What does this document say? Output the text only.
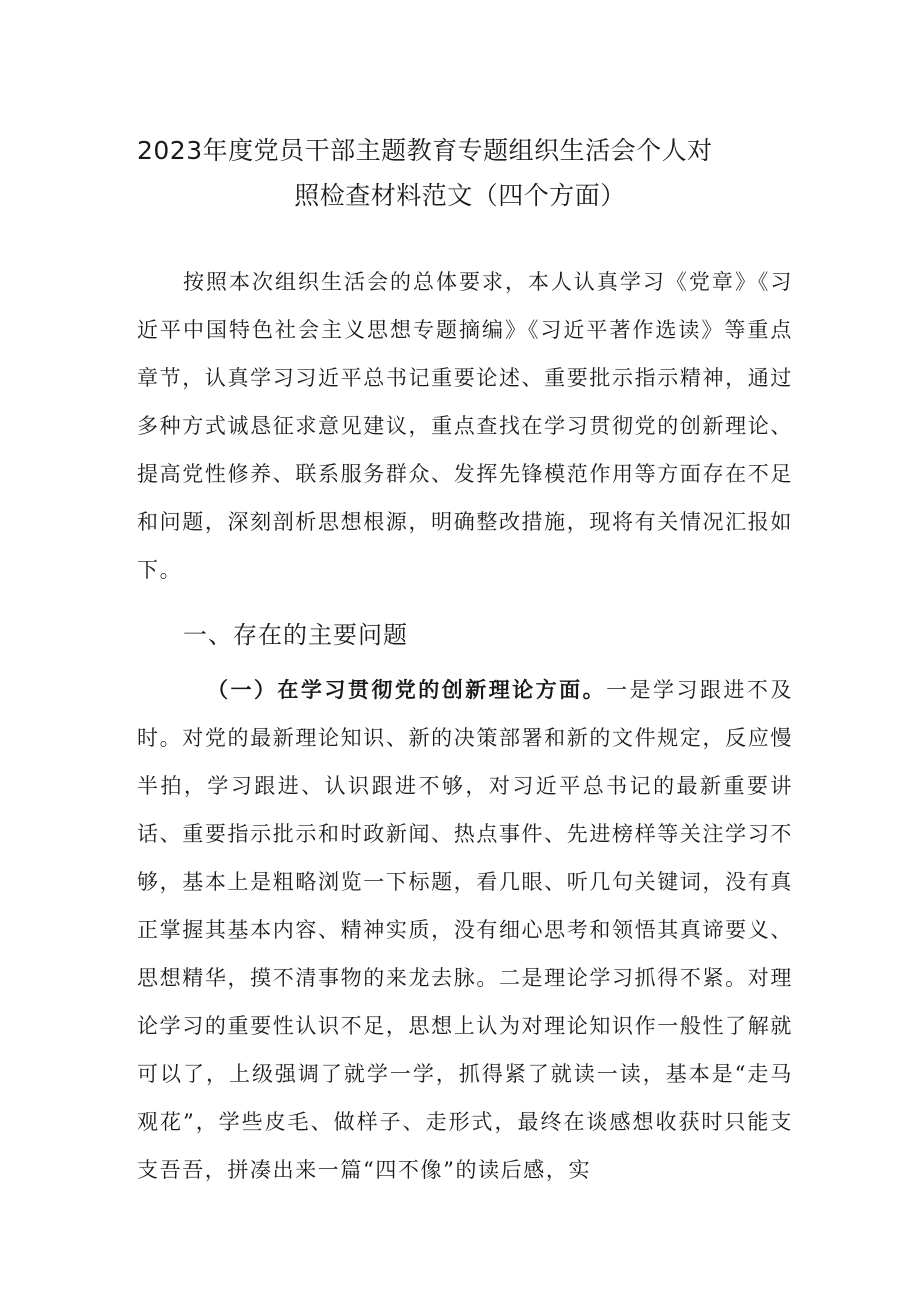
2023年度党员干部主题教育专题组织生活会个人对
照检查材料范文（四个方面）

按照本次组织生活会的总体要求，本人认真学习《党章》《习近平中国特色社会主义思想专题摘编》《习近平著作选读》等重点章节，认真学习习近平总书记重要论述、重要批示指示精神，通过多种方式诚恳征求意见建议，重点查找在学习贯彻党的创新理论、提高党性修养、联系服务群众、发挥先锋模范作用等方面存在不足和问题，深刻剖析思想根源，明确整改措施，现将有关情况汇报如下。

一、存在的主要问题

（一）在学习贯彻党的创新理论方面。一是学习跟进不及时。对党的最新理论知识、新的决策部署和新的文件规定，反应慢半拍，学习跟进、认识跟进不够，对习近平总书记的最新重要讲话、重要指示批示和时政新闻、热点事件、先进榜样等关注学习不够，基本上是粗略浏览一下标题，看几眼、听几句关键词，没有真正掌握其基本内容、精神实质，没有细心思考和领悟其真谛要义、思想精华，摸不清事物的来龙去脉。二是理论学习抓得不紧。对理论学习的重要性认识不足，思想上认为对理论知识作一般性了解就可以了，上级强调了就学一学，抓得紧了就读一读，基本是“走马观花”，学些皮毛、做样子、走形式，最终在谈感想收获时只能支支吾吾，拼凑出来一篇“四不像”的读后感，实
